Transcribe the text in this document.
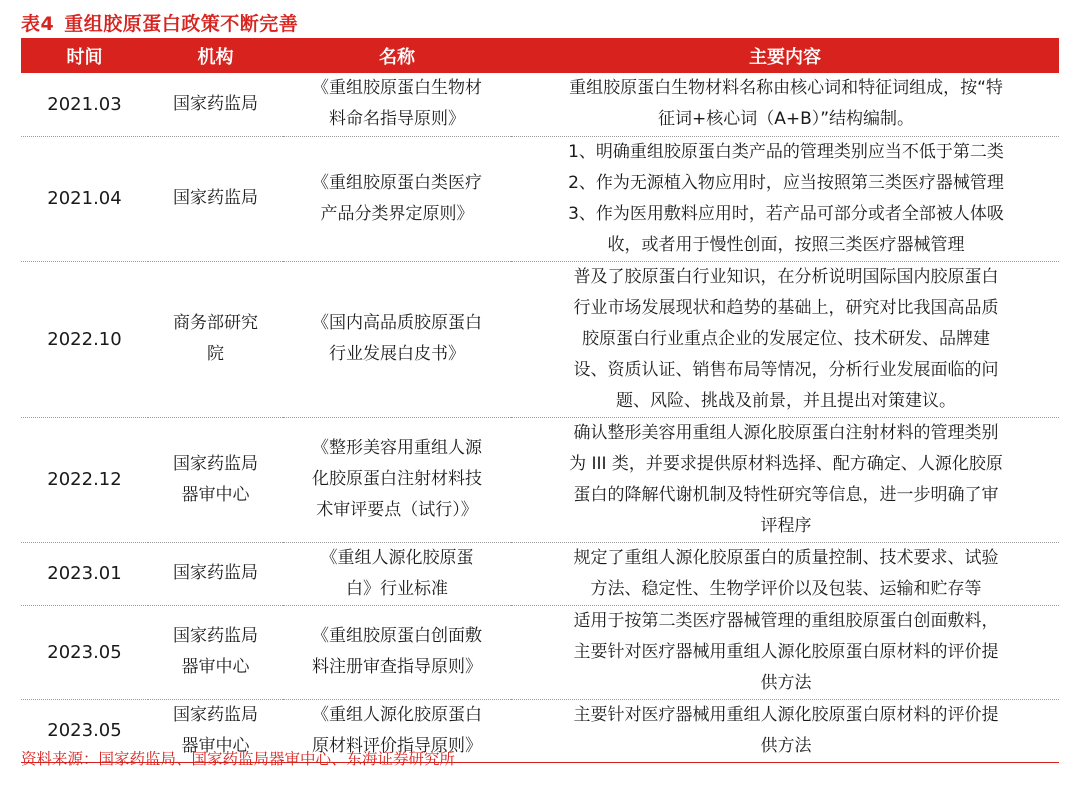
表4 重组胶原蛋白政策不断完善
时间	机构	名称	主要内容
2021.03	国家药监局	《重组胶原蛋白生物材
料命名指导原则》	重组胶原蛋白生物材料名称由核心词和特征词组成，按“特
征词+核心词（A+B）”结构编制。

2021.04	国家药监局	《重组胶原蛋白类医疗
产品分类界定原则》	1、明确重组胶原蛋白类产品的管理类别应当不低于第二类
2、作为无源植入物应用时，应当按照第三类医疗器械管理
3、作为医用敷料应用时，若产品可部分或者全部被人体吸
收，或者用于慢性创面，按照三类医疗器械管理

2022.10	商务部研究
院	《国内高品质胶原蛋白
行业发展白皮书》	普及了胶原蛋白行业知识，在分析说明国际国内胶原蛋白
行业市场发展现状和趋势的基础上，研究对比我国高品质
胶原蛋白行业重点企业的发展定位、技术研发、品牌建
设、资质认证、销售布局等情况，分析行业发展面临的问
题、风险、挑战及前景，并且提出对策建议。

2022.12	国家药监局
器审中心	《整形美容用重组人源
化胶原蛋白注射材料技
术审评要点（试行）》	确认整形美容用重组人源化胶原蛋白注射材料的管理类别
为 III 类，并要求提供原材料选择、配方确定、人源化胶原
蛋白的降解代谢机制及特性研究等信息，进一步明确了审
评程序

2023.01	国家药监局	《重组人源化胶原蛋
白》行业标准	规定了重组人源化胶原蛋白的质量控制、技术要求、试验
方法、稳定性、生物学评价以及包装、运输和贮存等

2023.05	国家药监局
器审中心	《重组胶原蛋白创面敷
料注册审查指导原则》	适用于按第二类医疗器械管理的重组胶原蛋白创面敷料，
主要针对医疗器械用重组人源化胶原蛋白原材料的评价提
供方法

2023.05	国家药监局
器审中心	《重组人源化胶原蛋白
原材料评价指导原则》	主要针对医疗器械用重组人源化胶原蛋白原材料的评价提
供方法
资料来源：国家药监局、国家药监局器审中心、东海证券研究所
